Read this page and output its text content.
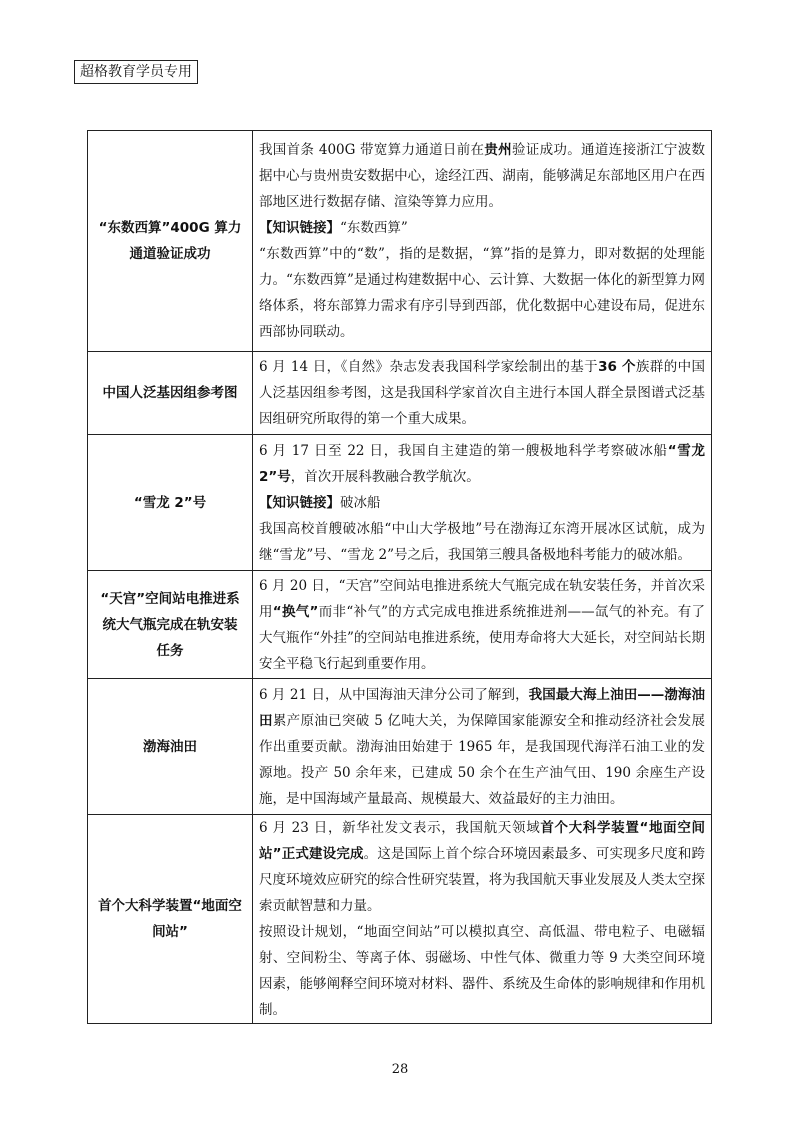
超格教育学员专用
“东数西算”400G 算力通道验证成功	我国首条 400G 带宽算力通道日前在贵州验证成功。通道连接浙江宁波数据中心与贵州贵安数据中心，途经江西、湖南，能够满足东部地区用户在西部地区进行数据存储、渲染等算力应用。

【知识链接】“东数西算”

“东数西算”中的“数”，指的是数据，“算”指的是算力，即对数据的处理能力。“东数西算”是通过构建数据中心、云计算、大数据一体化的新型算力网络体系，将东部算力需求有序引导到西部，优化数据中心建设布局，促进东西部协同联动。

中国人泛基因组参考图	6 月 14 日，《自然》杂志发表我国科学家绘制出的基于36 个族群的中国人泛基因组参考图，这是我国科学家首次自主进行本国人群全景图谱式泛基因组研究所取得的第一个重大成果。

“雪龙 2”号	6 月 17 日至 22 日，我国自主建造的第一艘极地科学考察破冰船“雪龙 2”号，首次开展科教融合教学航次。

【知识链接】破冰船

我国高校首艘破冰船“中山大学极地”号在渤海辽东湾开展冰区试航，成为继“雪龙”号、“雪龙 2”号之后，我国第三艘具备极地科考能力的破冰船。

“天宫”空间站电推进系统大气瓶完成在轨安装任务	6 月 20 日，“天宫”空间站电推进系统大气瓶完成在轨安装任务，并首次采用“换气”而非“补气”的方式完成电推进系统推进剂——氙气的补充。有了大气瓶作“外挂”的空间站电推进系统，使用寿命将大大延长，对空间站长期安全平稳飞行起到重要作用。

渤海油田	6 月 21 日，从中国海油天津分公司了解到，我国最大海上油田——渤海油田累产原油已突破 5 亿吨大关，为保障国家能源安全和推动经济社会发展作出重要贡献。渤海油田始建于 1965 年，是我国现代海洋石油工业的发源地。投产 50 余年来，已建成 50 余个在生产油气田、190 余座生产设施，是中国海域产量最高、规模最大、效益最好的主力油田。

首个大科学装置“地面空间站”	6 月 23 日，新华社发文表示，我国航天领域首个大科学装置“地面空间站”正式建设完成。这是国际上首个综合环境因素最多、可实现多尺度和跨尺度环境效应研究的综合性研究装置，将为我国航天事业发展及人类太空探索贡献智慧和力量。

按照设计规划，“地面空间站”可以模拟真空、高低温、带电粒子、电磁辐射、空间粉尘、等离子体、弱磁场、中性气体、微重力等 9 大类空间环境因素，能够阐释空间环境对材料、器件、系统及生命体的影响规律和作用机制。

28
